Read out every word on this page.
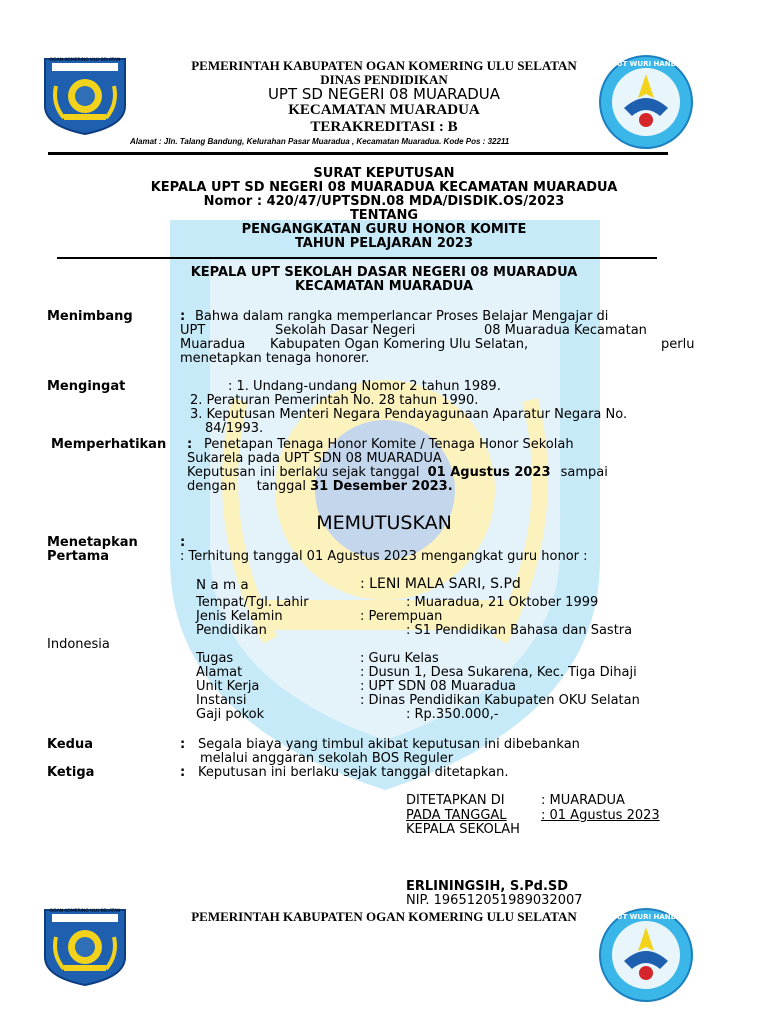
OGAN KOMERING ULU SELATAN	TUT WURI HANDAYANI
PEMERINTAH KABUPATEN OGAN KOMERING ULU SELATAN
DINAS PENDIDIKAN
UPT SD NEGERI 08 MUARADUA
KECAMATAN MUARADUA
TERAKREDITASI : B
Alamat : Jln. Talang Bandung, Kelurahan Pasar Muaradua , Kecamatan Muaradua. Kode Pos : 32211
SURAT KEPUTUSAN
KEPALA UPT SD NEGERI 08 MUARADUA KECAMATAN MUARADUA
Nomor : 420/47/UPTSDN.08 MDA/DISDIK.OS/2023
TENTANG
PENGANGKATAN GURU HONOR KOMITE
TAHUN PELAJARAN 2023
KEPALA UPT SEKOLAH DASAR NEGERI 08 MUARADUA
KECAMATAN MUARADUA
Menimbang	: Bahwa dalam rangka memperlancar Proses Belajar Mengajar di
UPT	Sekolah Dasar Negeri	08 Muaradua Kecamatan
Muaradua Kabupaten Ogan Komering Ulu Selatan,	perlu
menetapkan tenaga honorer.
Mengingat	: 1. Undang-undang Nomor 2 tahun 1989.
2. Peraturan Pemerintah No. 28 tahun 1990.
3. Keputusan Menteri Negara Pendayagunaan Aparatur Negara No.
84/1993.
Memperhatikan : Penetapan Tenaga Honor Komite / Tenaga Honor Sekolah
Sukarela pada UPT SDN 08 MUARADUA
Keputusan ini berlaku sejak tanggal 01 Agustus 2023 sampai
dengan     tanggal 31 Desember 2023.
MEMUTUSKAN
Menetapkan	:
Pertama	: Terhitung tanggal 01 Agustus 2023 mengangkat guru honor :
N a m a	: LENI MALA SARI, S.Pd
Tempat/Tgl. Lahir	: Muaradua, 21 Oktober 1999
Jenis Kelamin	: Perempuan
Pendidikan	: S1 Pendidikan Bahasa dan Sastra
Indonesia
Tugas	: Guru Kelas
Alamat	: Dusun 1, Desa Sukarena, Kec. Tiga Dihaji
Unit Kerja	: UPT SDN 08 Muaradua
Instansi	: Dinas Pendidikan Kabupaten OKU Selatan
Gaji pokok	: Rp.350.000,-
Kedua	: Segala biaya yang timbul akibat keputusan ini dibebankan
melalui anggaran sekolah BOS Reguler
Ketiga	: Keputusan ini berlaku sejak tanggal ditetapkan.
DITETAPKAN DI	: MUARADUA
PADA TANGGAL	: 01 Agustus 2023
KEPALA SEKOLAH
ERLININGSIH, S.Pd.SD
NIP. 196512051989032007
OGAN KOMERING ULU SELATAN	PEMERINTAH KABUPATEN OGAN KOMERING ULU SELATAN	TUT WURI HANDAYANI
